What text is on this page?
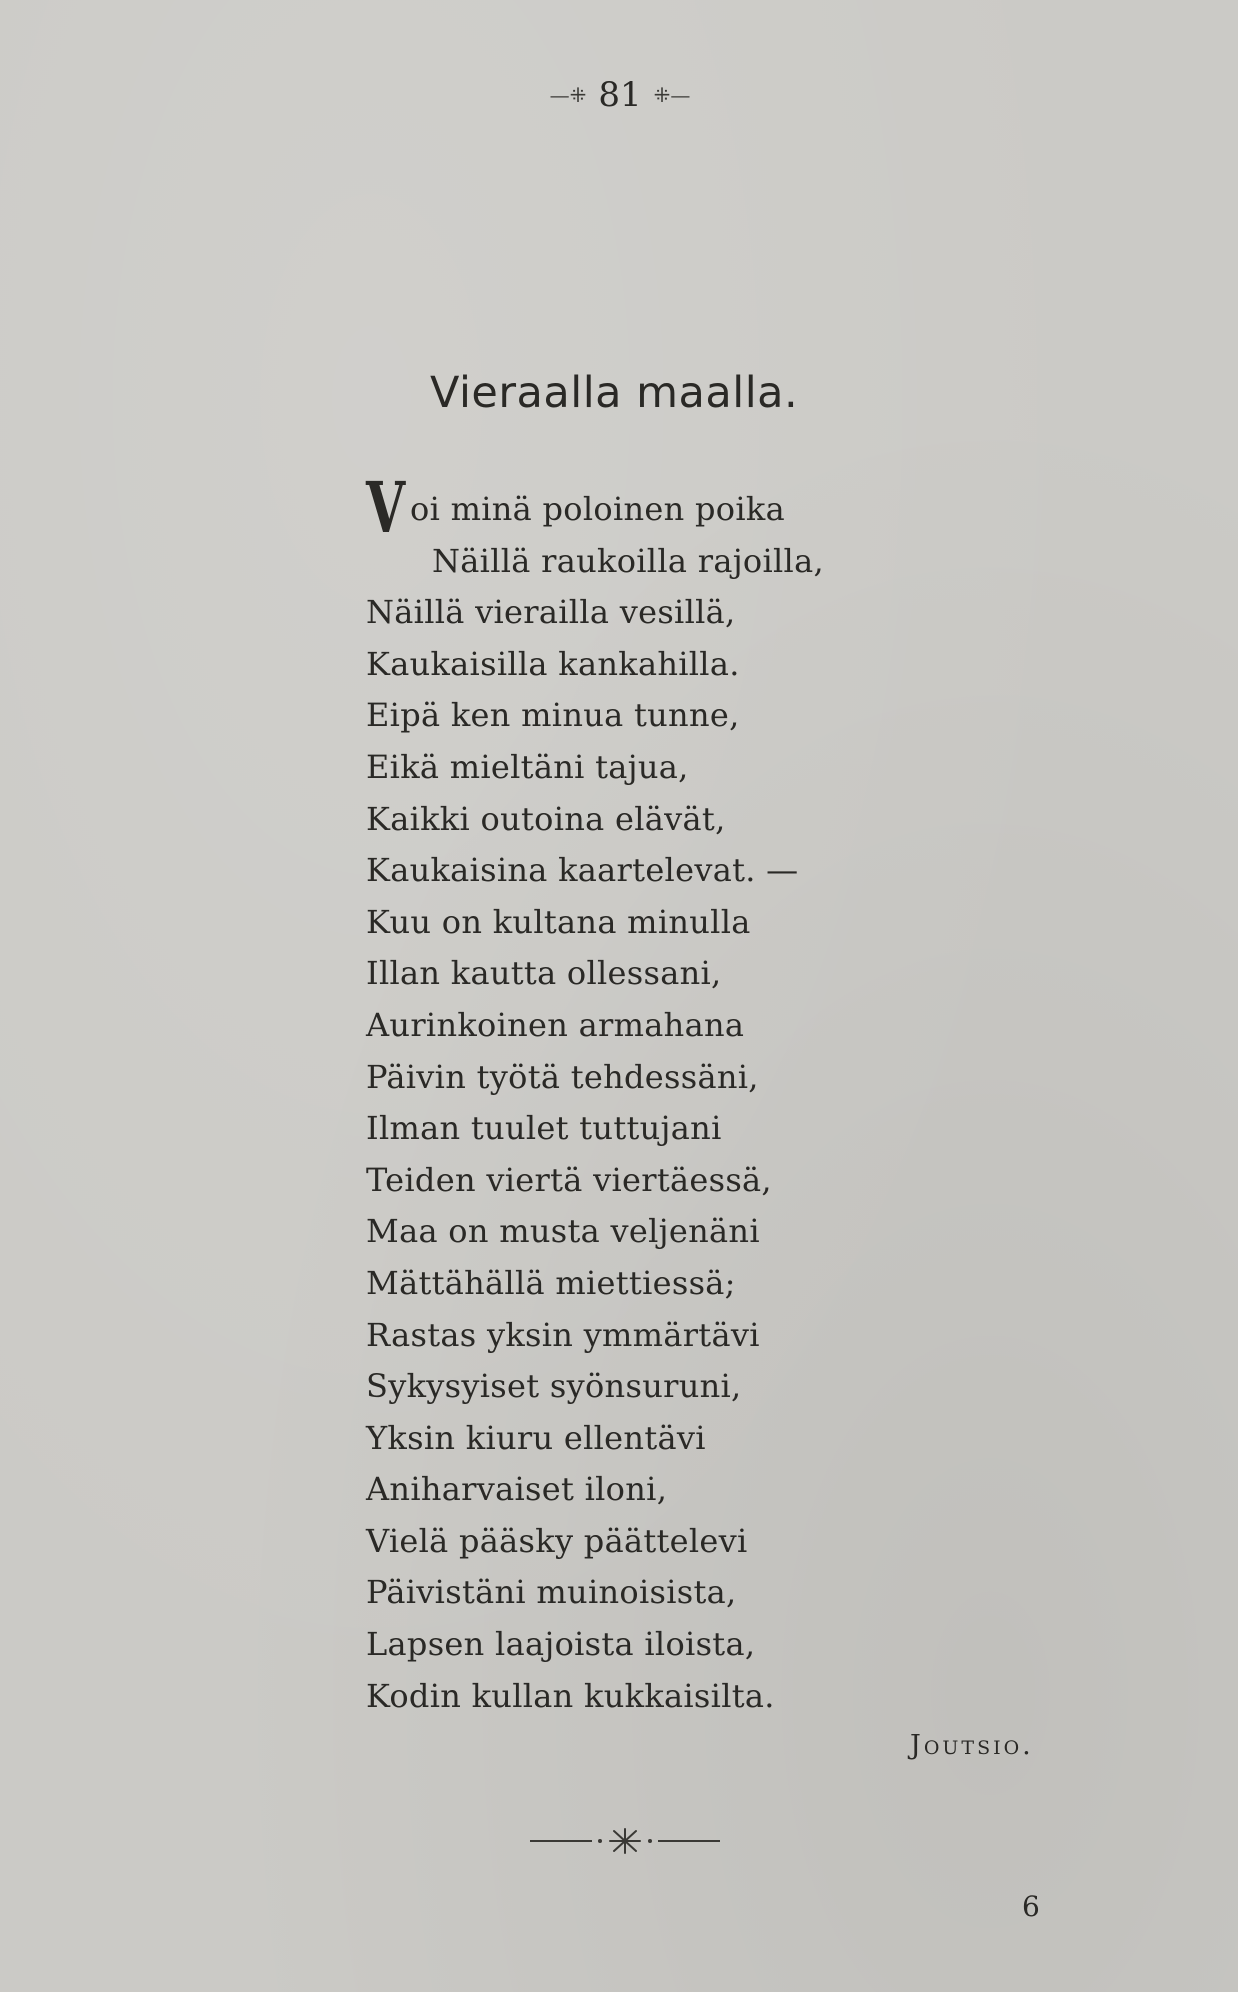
—⁜ 81 ⁜—
Vieraalla maalla.
Voi minä poloinen poika
Näillä raukoilla rajoilla,
Näillä vierailla vesillä,
Kaukaisilla kankahilla.
Eipä ken minua tunne,
Eikä mieltäni tajua,
Kaikki outoina elävät,
Kaukaisina kaartelevat. —
Kuu on kultana minulla
Illan kautta ollessani,
Aurinkoinen armahana
Päivin työtä tehdessäni,
Ilman tuulet tuttujani
Teiden viertä viertäessä,
Maa on musta veljenäni
Mättähällä miettiessä;
Rastas yksin ymmärtävi
Sykysyiset syönsuruni,
Yksin kiuru ellentävi
Aniharvaiset iloni,
Vielä pääsky päättelevi
Päivistäni muinoisista,
Lapsen laajoista iloista,
Kodin kullan kukkaisilta.
Joutsio.
6
